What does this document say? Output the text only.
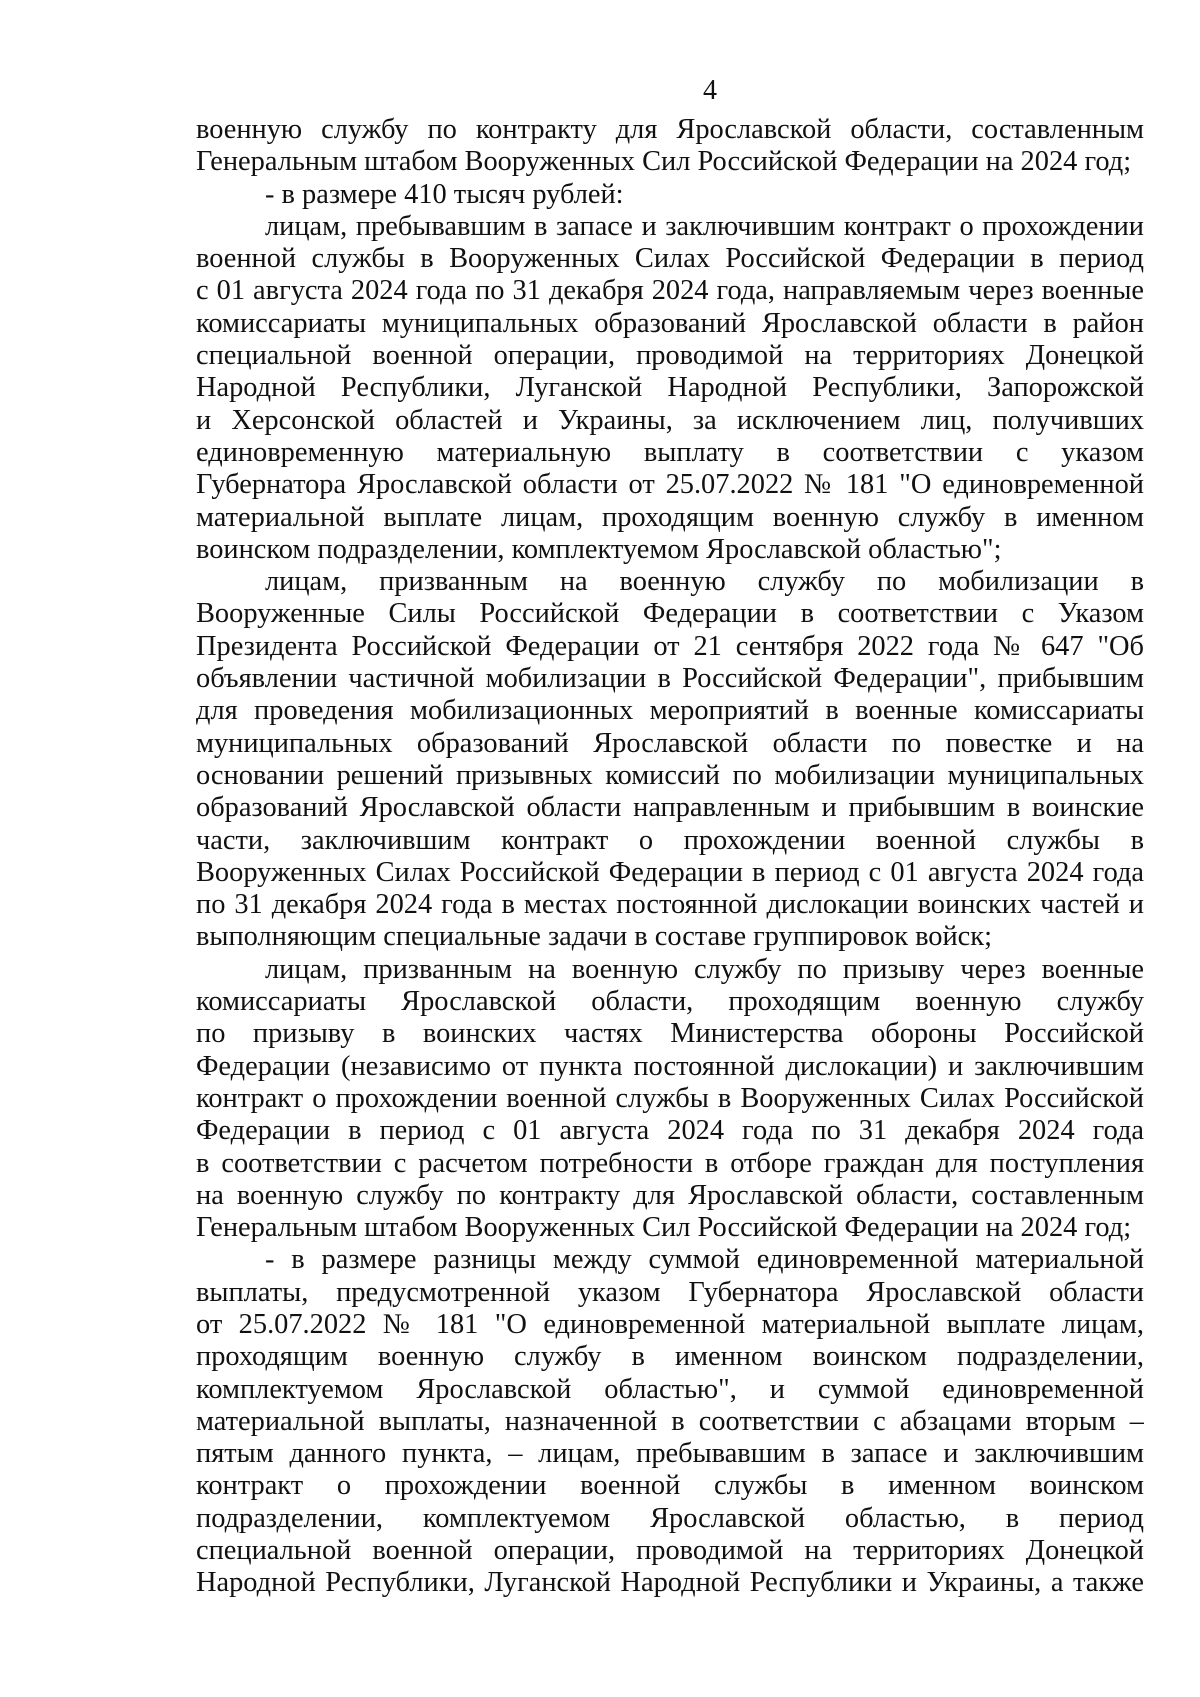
4
военную службу по контракту для Ярославской области, составленным
Генеральным штабом Вооруженных Сил Российской Федерации на 2024 год;
- в размере 410 тысяч рублей:
лицам, пребывавшим в запасе и заключившим контракт о прохождении
военной службы в Вооруженных Силах Российской Федерации в период
с 01 августа 2024 года по 31 декабря 2024 года, направляемым через военные
комиссариаты муниципальных образований Ярославской области в район
специальной военной операции, проводимой на территориях Донецкой
Народной Республики, Луганской Народной Республики, Запорожской
и Херсонской областей и Украины, за исключением лиц, получивших
единовременную материальную выплату в соответствии с указом
Губернатора Ярославской области от 25.07.2022 № 181 "О единовременной
материальной выплате лицам, проходящим военную службу в именном
воинском подразделении, комплектуемом Ярославской областью";
лицам, призванным на военную службу по мобилизации в
Вооруженные Силы Российской Федерации в соответствии с Указом
Президента Российской Федерации от 21 сентября 2022 года № 647 "Об
объявлении частичной мобилизации в Российской Федерации", прибывшим
для проведения мобилизационных мероприятий в военные комиссариаты
муниципальных образований Ярославской области по повестке и на
основании решений призывных комиссий по мобилизации муниципальных
образований Ярославской области направленным и прибывшим в воинские
части, заключившим контракт о прохождении военной службы в
Вооруженных Силах Российской Федерации в период с 01 августа 2024 года
по 31 декабря 2024 года в местах постоянной дислокации воинских частей и
выполняющим специальные задачи в составе группировок войск;
лицам, призванным на военную службу по призыву через военные
комиссариаты Ярославской области, проходящим военную службу
по призыву в воинских частях Министерства обороны Российской
Федерации (независимо от пункта постоянной дислокации) и заключившим
контракт о прохождении военной службы в Вооруженных Силах Российской
Федерации в период с 01 августа 2024 года по 31 декабря 2024 года
в соответствии с расчетом потребности в отборе граждан для поступления
на военную службу по контракту для Ярославской области, составленным
Генеральным штабом Вооруженных Сил Российской Федерации на 2024 год;
- в размере разницы между суммой единовременной материальной
выплаты, предусмотренной указом Губернатора Ярославской области
от 25.07.2022 № 181 "О единовременной материальной выплате лицам,
проходящим военную службу в именном воинском подразделении,
комплектуемом Ярославской областью", и суммой единовременной
материальной выплаты, назначенной в соответствии с абзацами вторым –
пятым данного пункта, – лицам, пребывавшим в запасе и заключившим
контракт о прохождении военной службы в именном воинском
подразделении, комплектуемом Ярославской областью, в период
специальной военной операции, проводимой на территориях Донецкой
Народной Республики, Луганской Народной Республики и Украины, а также
